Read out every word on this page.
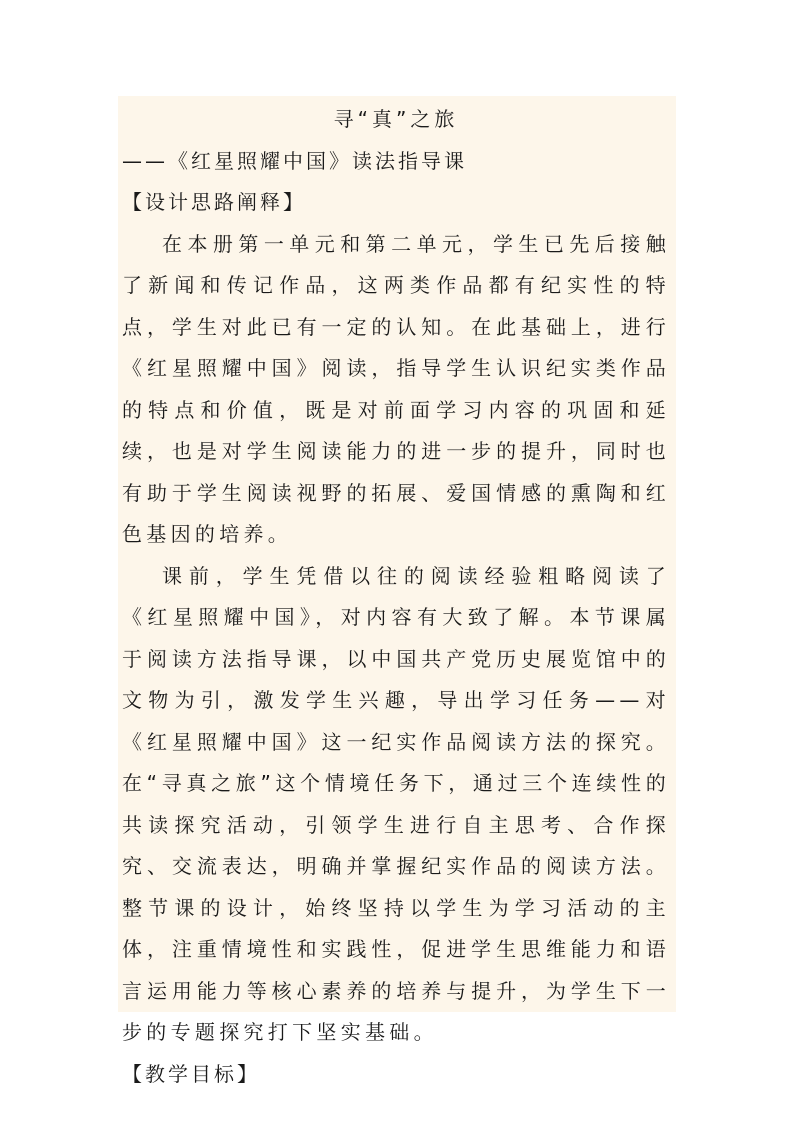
寻“真”之旅
——《红星照耀中国》读法指导课
【设计思路阐释】

在本册第一单元和第二单元，学生已先后接触了新闻和传记作品，这两类作品都有纪实性的特点，学生对此已有一定的认知。在此基础上，进行《红星照耀中国》阅读，指导学生认识纪实类作品的特点和价值，既是对前面学习内容的巩固和延续，也是对学生阅读能力的进一步的提升，同时也有助于学生阅读视野的拓展、爱国情感的熏陶和红色基因的培养。

课前，学生凭借以往的阅读经验粗略阅读了《红星照耀中国》，对内容有大致了解。本节课属于阅读方法指导课，以中国共产党历史展览馆中的文物为引，激发学生兴趣，导出学习任务——对《红星照耀中国》这一纪实作品阅读方法的探究。在“寻真之旅”这个情境任务下，通过三个连续性的共读探究活动，引领学生进行自主思考、合作探究、交流表达，明确并掌握纪实作品的阅读方法。整节课的设计，始终坚持以学生为学习活动的主体，注重情境性和实践性，促进学生思维能力和语言运用能力等核心素养的培养与提升，为学生下一步的专题探究打下坚实基础。

【教学目标】
